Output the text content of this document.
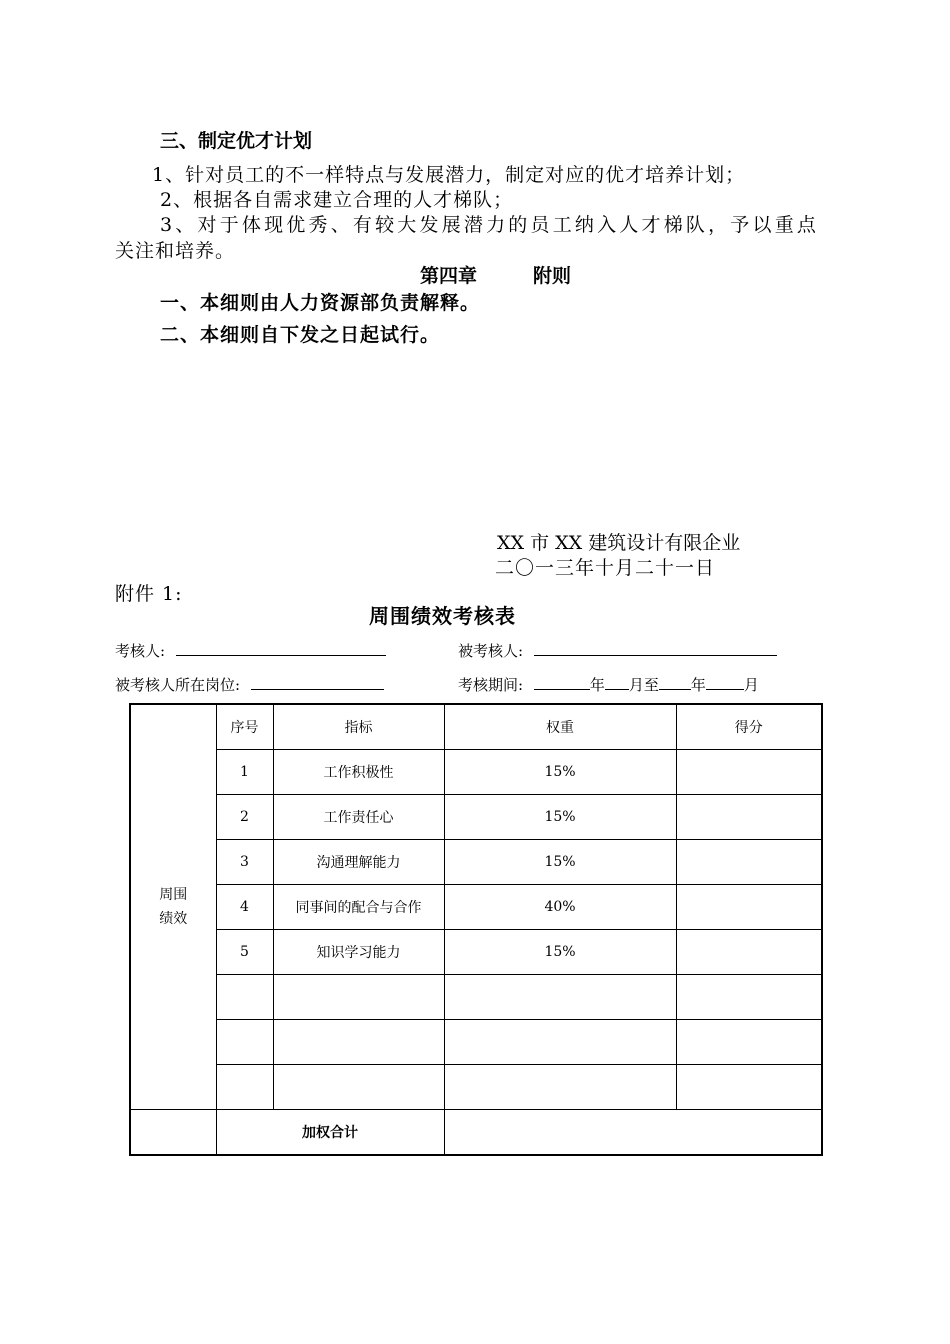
三、制定优才计划
1、针对员工的不一样特点与发展潜力，制定对应的优才培养计划；
2、根据各自需求建立合理的人才梯队；
3、对于体现优秀、有较大发展潜力的员工纳入人才梯队，予以重点
关注和培养。
第四章	附则
一、本细则由人力资源部负责解释。
二、本细则自下发之日起试行。
XX 市 XX 建筑设计有限企业
二〇一三年十月二十一日
附件 1:
周围绩效考核表
考核人:	被考核人:
被考核人所在岗位:	考核期间:	年 月至 年	月
周围
绩效	序号	指标	权重	得分
	1	工作积极性	15%	
	2	工作责任心	15%	
	3	沟通理解能力	15%	
	4	同事间的配合与合作	40%	
	5	知识学习能力	15%	

	加权合计			
